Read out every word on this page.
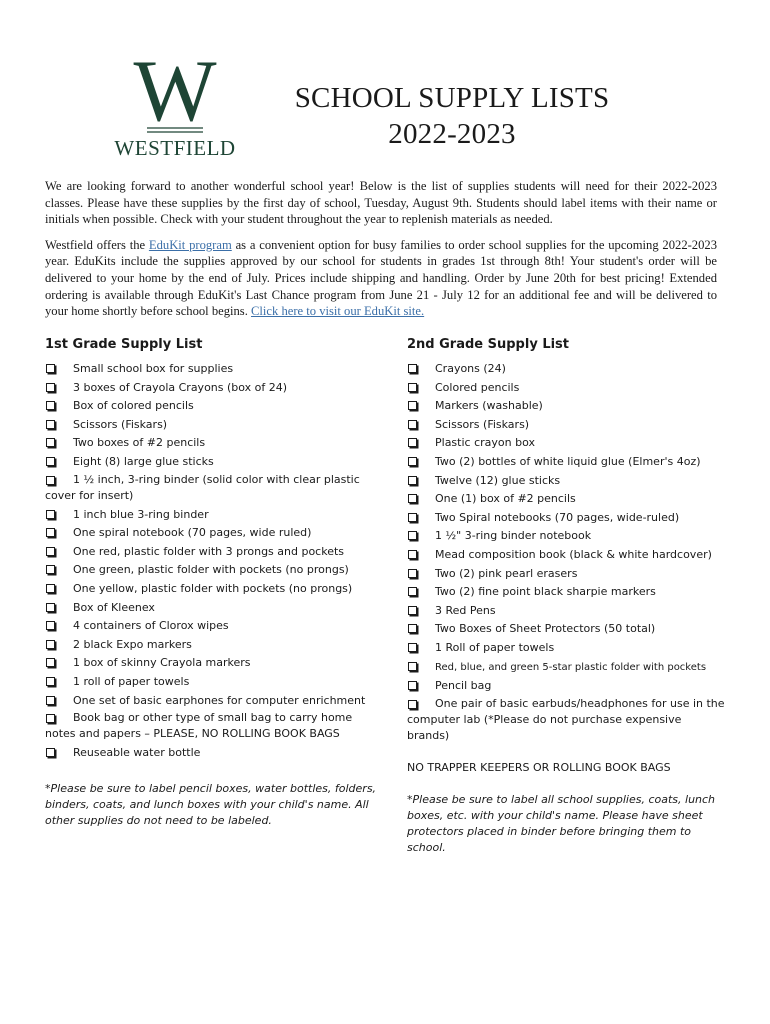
W
WESTFIELD
SCHOOL SUPPLY LISTS
2022-2023

We are looking forward to another wonderful school year! Below is the list of supplies students will need for their 2022-2023 classes. Please have these supplies by the first day of school, Tuesday, August 9th. Students should label items with their name or initials when possible. Check with your student throughout the year to replenish materials as needed.

Westfield offers the EduKit program as a convenient option for busy families to order school supplies for the upcoming 2022-2023 year. EduKits include the supplies approved by our school for students in grades 1st through 8th! Your student's order will be delivered to your home by the end of July. Prices include shipping and handling. Order by June 20th for best pricing! Extended ordering is available through EduKit's Last Chance program from June 21 - July 12 for an additional fee and will be delivered to your home shortly before school begins. Click here to visit our EduKit site.

1st Grade Supply List
Small school box for supplies
3 boxes of Crayola Crayons (box of 24)
Box of colored pencils
Scissors (Fiskars)
Two boxes of #2 pencils
Eight (8) large glue sticks
1 ½ inch, 3-ring binder (solid color with clear plastic cover for insert)
1 inch blue 3-ring binder
One spiral notebook (70 pages, wide ruled)
One red, plastic folder with 3 prongs and pockets
One green, plastic folder with pockets (no prongs)
One yellow, plastic folder with pockets (no prongs)
Box of Kleenex
4 containers of Clorox wipes
2 black Expo markers
1 box of skinny Crayola markers
1 roll of paper towels
One set of basic earphones for computer enrichment
Book bag or other type of small bag to carry home notes and papers – PLEASE, NO ROLLING BOOK BAGS
Reuseable water bottle
*Please be sure to label pencil boxes, water bottles, folders, binders, coats, and lunch boxes with your child's name. All other supplies do not need to be labeled.
2nd Grade Supply List
Crayons (24)
Colored pencils
Markers (washable)
Scissors (Fiskars)
Plastic crayon box
Two (2) bottles of white liquid glue (Elmer's 4oz)
Twelve (12) glue sticks
One (1) box of #2 pencils
Two Spiral notebooks (70 pages, wide-ruled)
1 ½" 3-ring binder notebook
Mead composition book (black & white hardcover)
Two (2) pink pearl erasers
Two (2) fine point black sharpie markers
3 Red Pens
Two Boxes of Sheet Protectors (50 total)
1 Roll of paper towels
Red, blue, and green 5-star plastic folder with pockets
Pencil bag
One pair of basic earbuds/headphones for use in the computer lab (*Please do not purchase expensive brands)
NO TRAPPER KEEPERS OR ROLLING BOOK BAGS
*Please be sure to label all school supplies, coats, lunch boxes, etc. with your child's name. Please have sheet protectors placed in binder before bringing them to school.
